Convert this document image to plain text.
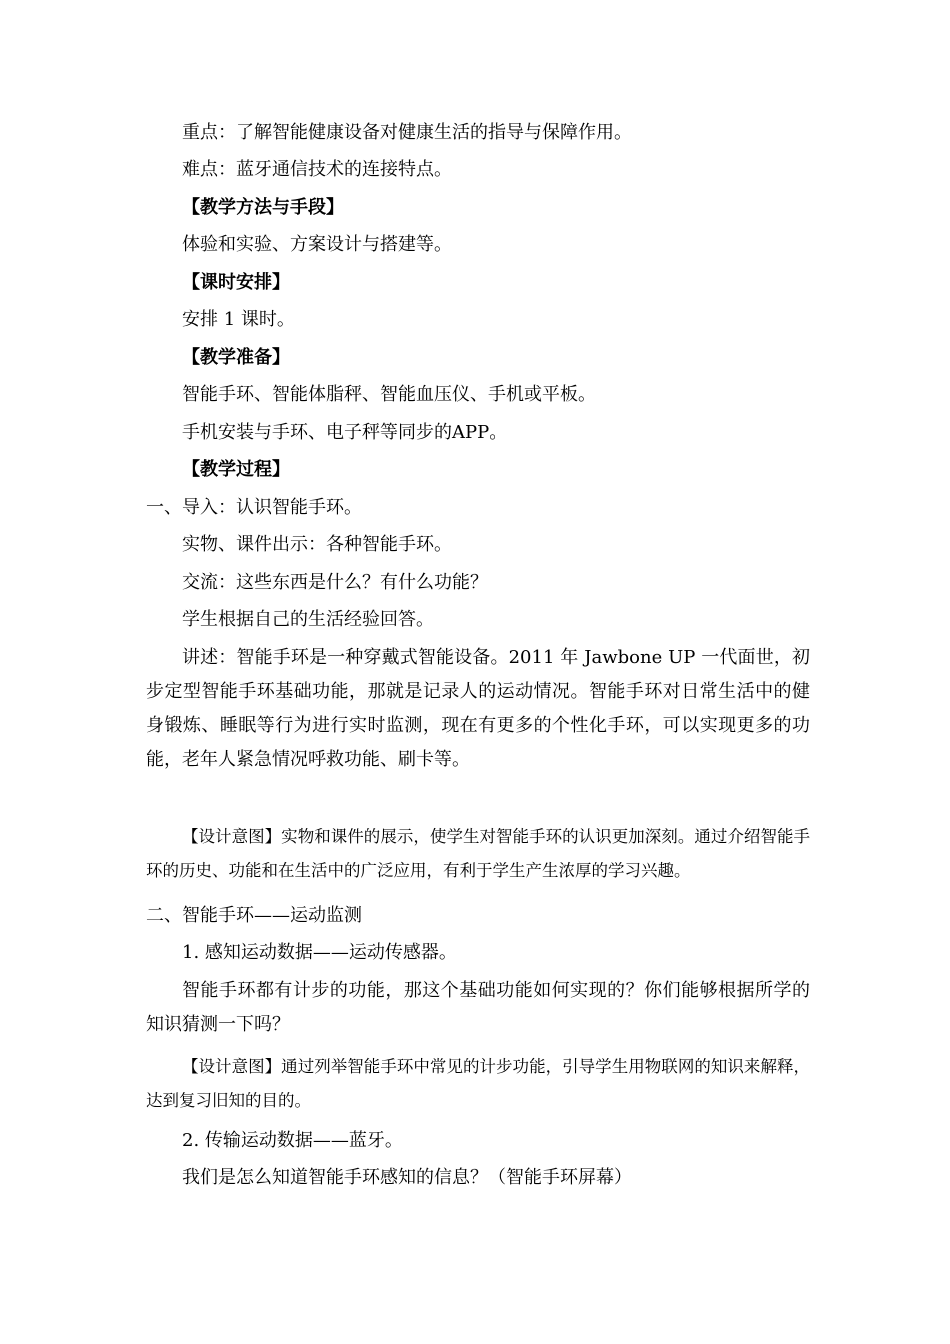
重点：了解智能健康设备对健康生活的指导与保障作用。
难点：蓝牙通信技术的连接特点。
【教学方法与手段】
体验和实验、方案设计与搭建等。
【课时安排】
安排 1 课时。
【教学准备】
智能手环、智能体脂秤、智能血压仪、手机或平板。
手机安装与手环、电子秤等同步的APP。
【教学过程】
一、导入：认识智能手环。
实物、课件出示：各种智能手环。
交流：这些东西是什么？有什么功能？
学生根据自己的生活经验回答。
讲述：智能手环是一种穿戴式智能设备。2011 年 Jawbone UP 一代面世，初步定型智能手环基础功能，那就是记录人的运动情况。智能手环对日常生活中的健身锻炼、睡眠等行为进行实时监测，现在有更多的个性化手环，可以实现更多的功能，老年人紧急情况呼救功能、刷卡等。
【设计意图】实物和课件的展示，使学生对智能手环的认识更加深刻。通过介绍智能手环的历史、功能和在生活中的广泛应用，有利于学生产生浓厚的学习兴趣。
二、智能手环——运动监测
1. 感知运动数据——运动传感器。
智能手环都有计步的功能，那这个基础功能如何实现的？你们能够根据所学的知识猜测一下吗？
【设计意图】通过列举智能手环中常见的计步功能，引导学生用物联网的知识来解释，达到复习旧知的目的。
2. 传输运动数据——蓝牙。
我们是怎么知道智能手环感知的信息？（智能手环屏幕）
